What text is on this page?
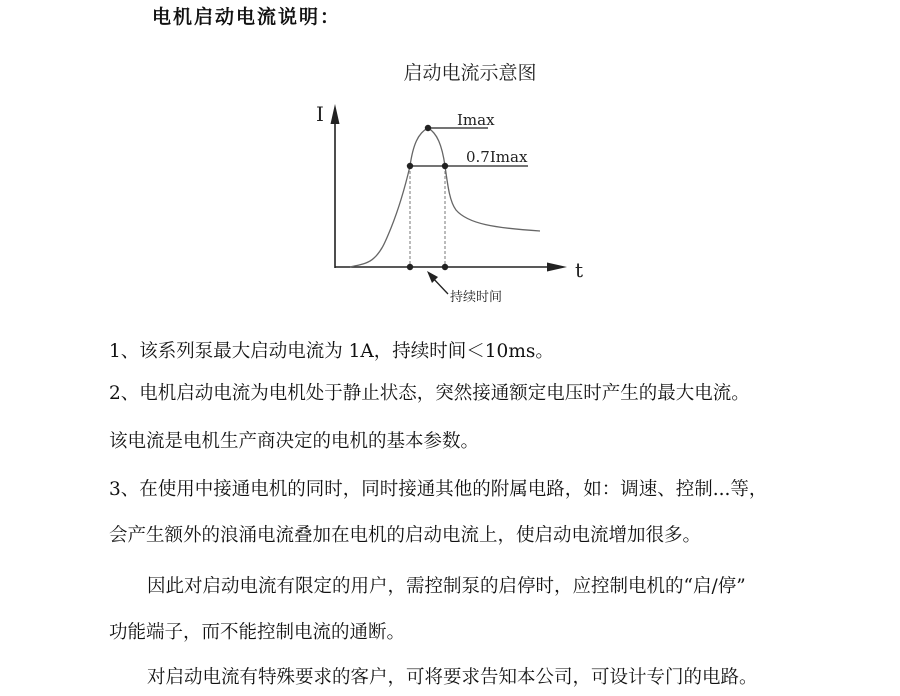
电机启动电流说明：
启动电流示意图
I
t
Imax
0.7Imax
持续时间

1、该系列泵最大启动电流为 1A，持续时间＜10ms。

2、电机启动电流为电机处于静止状态，突然接通额定电压时产生的最大电流。

该电流是电机生产商决定的电机的基本参数。

3、在使用中接通电机的同时，同时接通其他的附属电路，如：调速、控制...等，

会产生额外的浪涌电流叠加在电机的启动电流上，使启动电流增加很多。

因此对启动电流有限定的用户，需控制泵的启停时，应控制电机的“启/停”

功能端子，而不能控制电流的通断。

对启动电流有特殊要求的客户，可将要求告知本公司，可设计专门的电路。
